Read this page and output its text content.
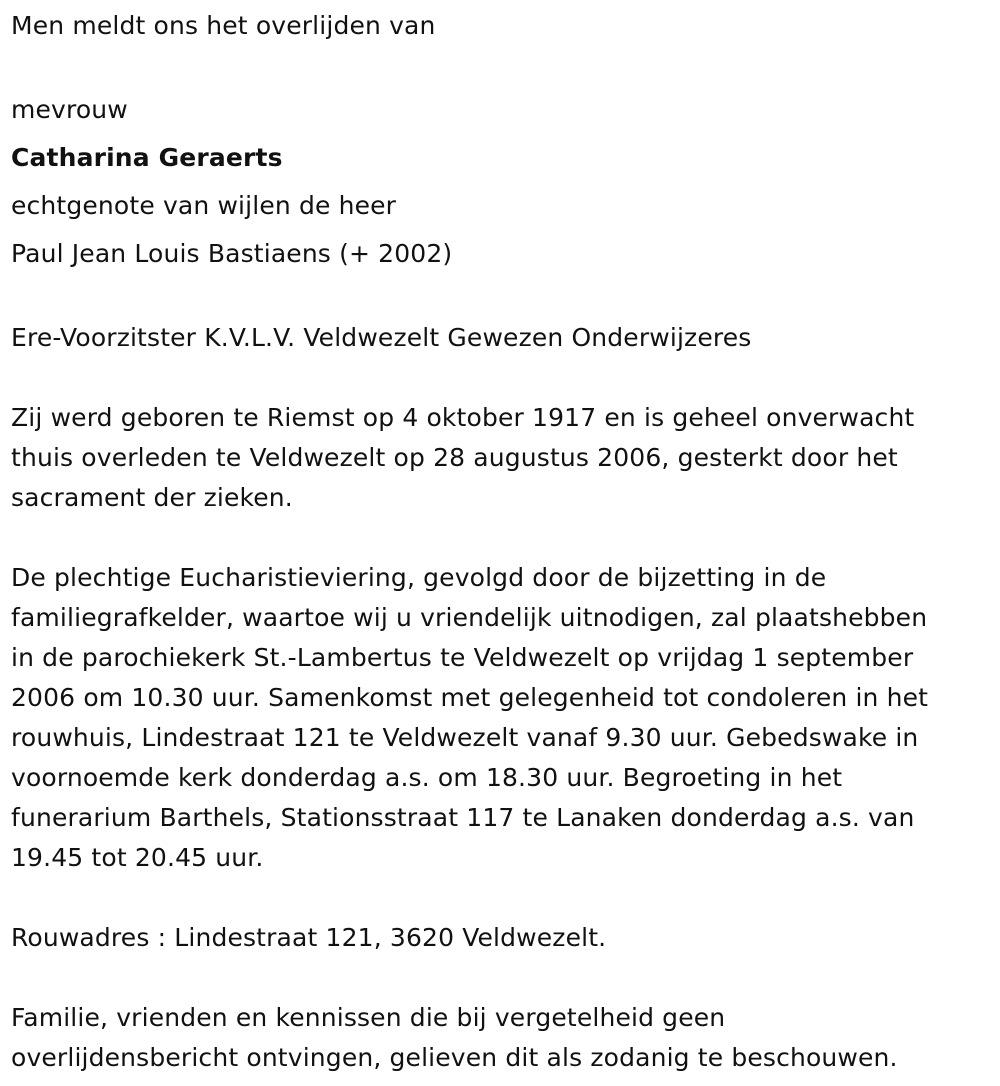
Men meldt ons het overlijden van

mevrouw
Catharina Geraerts
echtgenote van wijlen de heer
Paul Jean Louis Bastiaens (+ 2002)

Ere-Voorzitster K.V.L.V. Veldwezelt Gewezen Onderwijzeres

Zij werd geboren te Riemst op 4 oktober 1917 en is geheel onverwacht
thuis overleden te Veldwezelt op 28 augustus 2006, gesterkt door het
sacrament der zieken.

De plechtige Eucharistieviering, gevolgd door de bijzetting in de
familiegrafkelder, waartoe wij u vriendelijk uitnodigen, zal plaatshebben
in de parochiekerk St.-Lambertus te Veldwezelt op vrijdag 1 september
2006 om 10.30 uur. Samenkomst met gelegenheid tot condoleren in het
rouwhuis, Lindestraat 121 te Veldwezelt vanaf 9.30 uur. Gebedswake in
voornoemde kerk donderdag a.s. om 18.30 uur. Begroeting in het
funerarium Barthels, Stationsstraat 117 te Lanaken donderdag a.s. van
19.45 tot 20.45 uur.

Rouwadres : Lindestraat 121, 3620 Veldwezelt.

Familie, vrienden en kennissen die bij vergetelheid geen
overlijdensbericht ontvingen, gelieven dit als zodanig te beschouwen.
